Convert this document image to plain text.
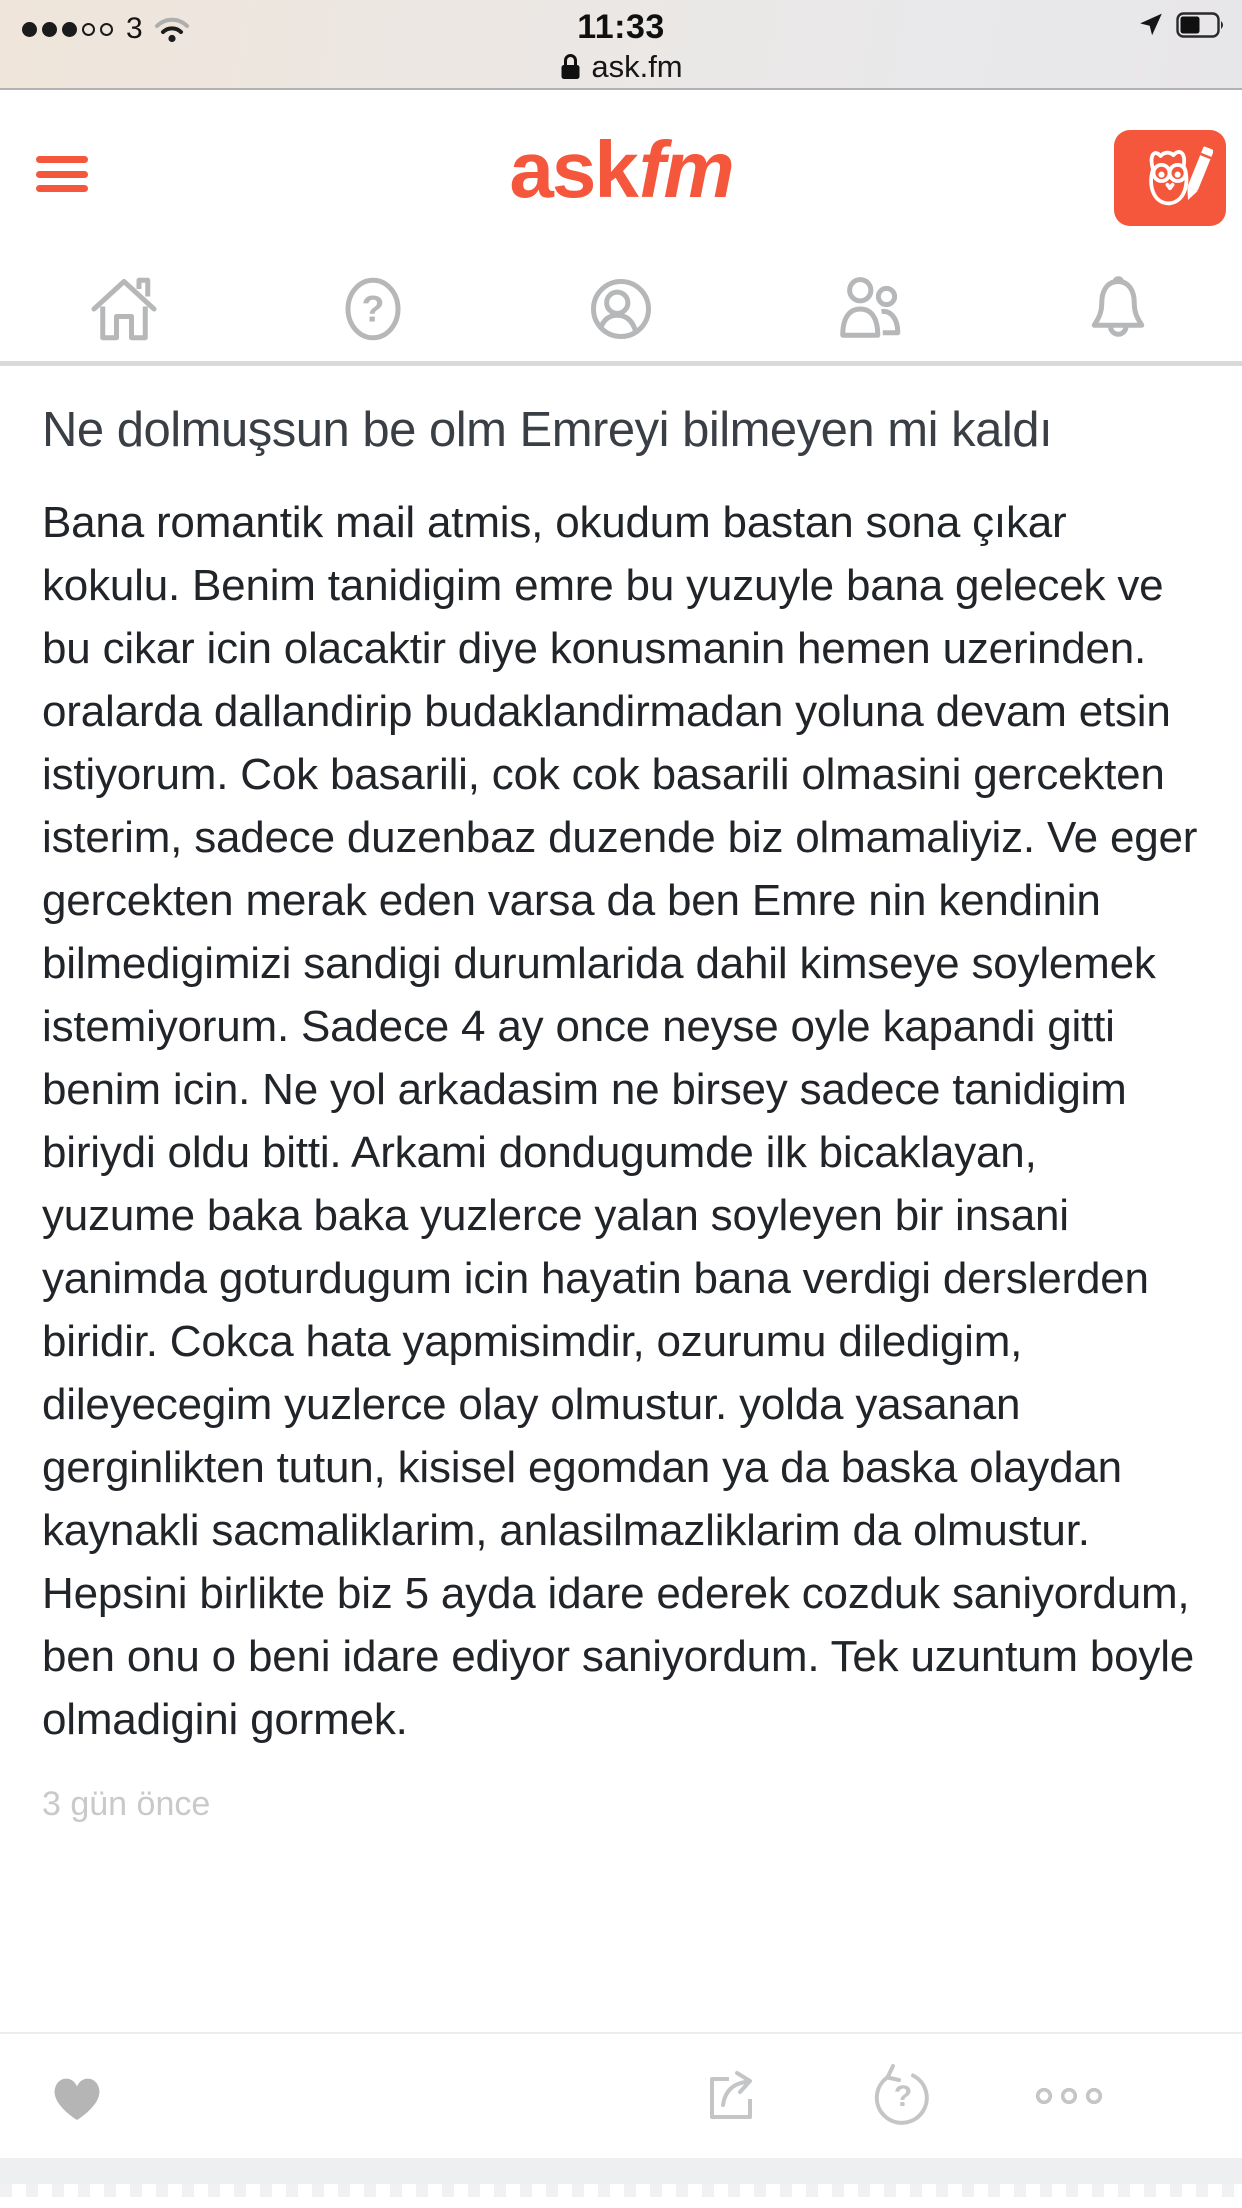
3	11:33
ask.fm
askfm
?
Ne dolmuşsun be olm Emreyi bilmeyen mi kaldı

Bana romantik mail atmis, okudum bastan sona çıkar kokulu. Benim tanidigim emre bu yuzuyle bana gelecek ve bu cikar icin olacaktir diye konusmanin hemen uzerinden.

oralarda dallandirip budaklandirmadan yoluna devam etsin istiyorum. Cok basarili, cok cok basarili olmasini gercekten isterim, sadece duzenbaz duzende biz olmamaliyiz. Ve eger gercekten merak eden varsa da ben Emre nin kendinin bilmedigimizi sandigi durumlarida dahil kimseye soylemek istemiyorum. Sadece 4 ay once neyse oyle kapandi gitti benim icin. Ne yol arkadasim ne birsey sadece tanidigim biriydi oldu bitti. Arkami dondugumde ilk bicaklayan, yuzume baka baka yuzlerce yalan soyleyen bir insani yanimda goturdugum icin hayatin bana verdigi derslerden biridir. Cokca hata yapmisimdir, ozurumu diledigim, dileyecegim yuzlerce olay olmustur. yolda yasanan gerginlikten tutun, kisisel egomdan ya da baska olaydan kaynakli sacmaliklarim, anlasilmazliklarim da olmustur. Hepsini birlikte biz 5 ayda idare ederek cozduk saniyordum, ben onu o beni idare ediyor saniyordum. Tek uzuntum boyle olmadigini gormek.

3 gün önce
?
